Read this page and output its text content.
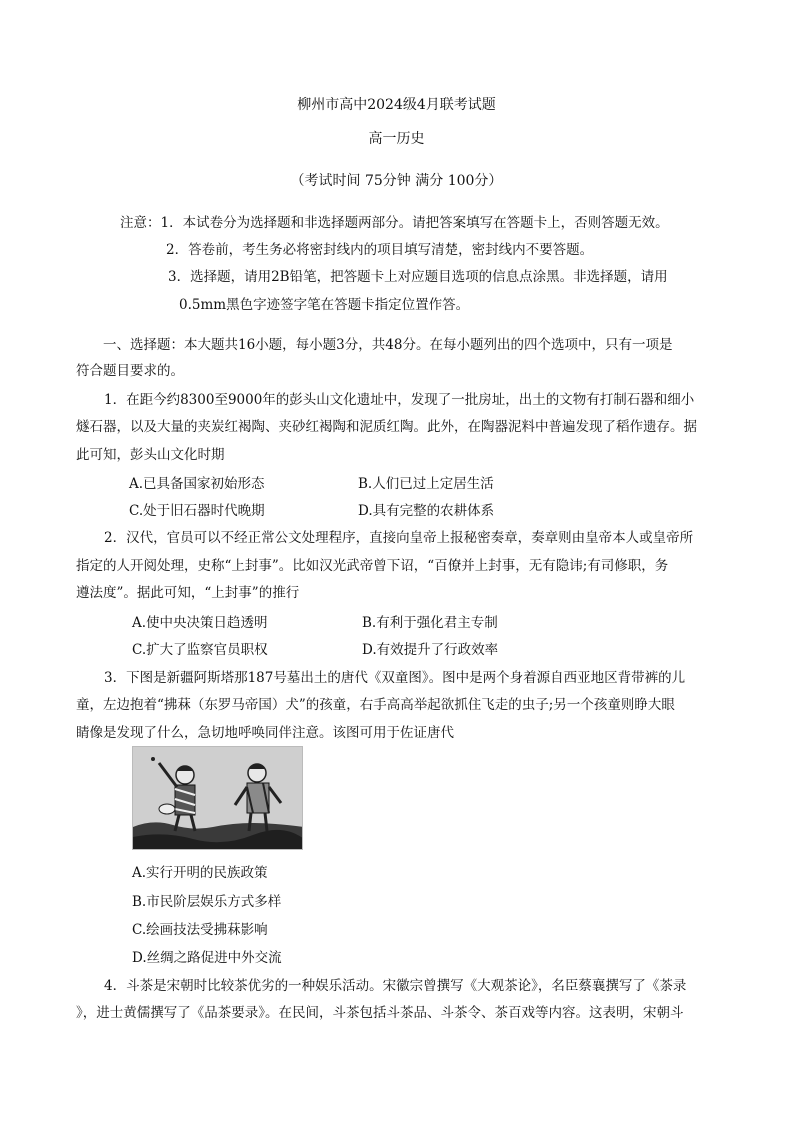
柳州市高中2024级4月联考试题
高一历史
（考试时间 75分钟 满分 100分）
注意：1．本试卷分为选择题和非选择题两部分。请把答案填写在答题卡上，否则答题无效。
2．答卷前，考生务必将密封线内的项目填写清楚，密封线内不要答题。
3．选择题，请用2B铅笔，把答题卡上对应题目选项的信息点涂黑。非选择题，请用
0.5mm黑色字迹签字笔在答题卡指定位置作答。
一、选择题：本大题共16小题，每小题3分，共48分。在每小题列出的四个选项中，只有一项是
符合题目要求的。
1．在距今约8300至9000年的彭头山文化遗址中，发现了一批房址，出土的文物有打制石器和细小
燧石器，以及大量的夹炭红褐陶、夹砂红褐陶和泥质红陶。此外，在陶器泥料中普遍发现了稻作遗存。据
此可知，彭头山文化时期
A.已具备国家初始形态	B.人们已过上定居生活
C.处于旧石器时代晚期	D.具有完整的农耕体系
2．汉代，官员可以不经正常公文处理程序，直接向皇帝上报秘密奏章，奏章则由皇帝本人或皇帝所
指定的人开阅处理，史称“上封事”。比如汉光武帝曾下诏，“百僚并上封事，无有隐讳;有司修职，务
遵法度”。据此可知，“上封事”的推行
A.使中央决策日趋透明	B.有利于强化君主专制
C.扩大了监察官员职权	D.有效提升了行政效率
3．下图是新疆阿斯塔那187号墓出土的唐代《双童图》。图中是两个身着源自西亚地区背带裤的儿
童，左边抱着“拂菻（东罗马帝国）犬”的孩童，右手高高举起欲抓住飞走的虫子;另一个孩童则睁大眼
睛像是发现了什么，急切地呼唤同伴注意。该图可用于佐证唐代
A.实行开明的民族政策
B.市民阶层娱乐方式多样
C.绘画技法受拂菻影响
D.丝绸之路促进中外交流
4．斗茶是宋朝时比较茶优劣的一种娱乐活动。宋徽宗曾撰写《大观茶论》，名臣蔡襄撰写了《茶录
》，进士黄儒撰写了《品茶要录》。在民间，斗茶包括斗茶品、斗茶令、茶百戏等内容。这表明，宋朝斗
